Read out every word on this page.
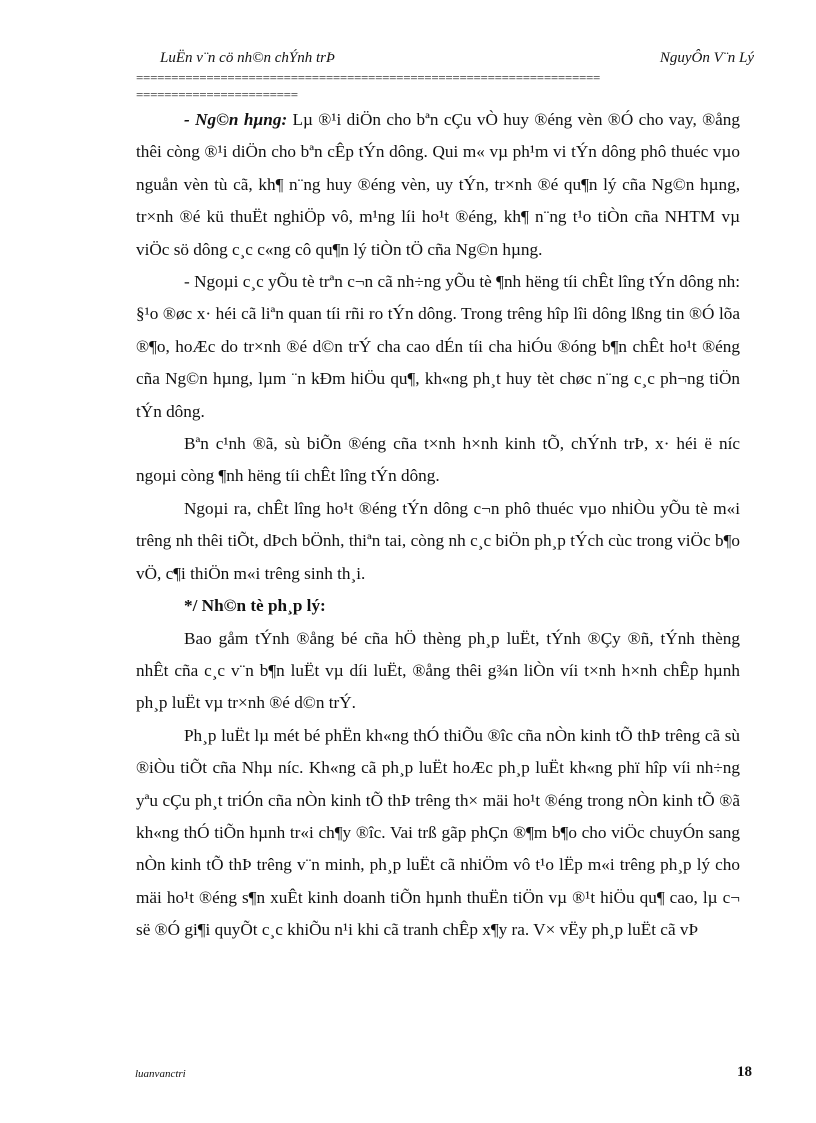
LuËn v¨n cö nh©n chÝnh trÞ	NguyÔn V¨n Lý
==================================================================
=======================

- Ng©n hµng: Lµ ®¹i diÖn cho bªn cÇu vÒ huy ®éng vèn ®Ó cho vay, ®ång thêi còng ®¹i diÖn cho bªn cÊp tÝn dông. Qui m« vµ ph¹m vi tÝn dông phô thuéc vµo nguån vèn tù cã, kh¶ n¨ng huy ®éng vèn, uy tÝn, tr×nh ®é qu¶n lý cña Ng©n hµng, tr×nh ®é kü thuËt nghiÖp vô, m¹ng líi ho¹t ®éng, kh¶ n¨ng t¹o tiÒn cña NHTM vµ viÖc sö dông c¸c c«ng cô qu¶n lý tiÒn tÖ cña Ng©n hµng.

- Ngoµi c¸c yÕu tè trªn c¬n cã nh÷ng yÕu tè ¶nh hëng tíi chÊt lîng tÝn dông nh: §¹o ®øc x· héi cã liªn quan tíi rñi ro tÝn dông. Trong trêng hîp lîi dông lßng tin ®Ó lõa ®¶o, hoÆc do tr×nh ®é d©n trÝ cha cao dÉn tíi cha hiÓu ®óng b¶n chÊt ho¹t ®éng cña Ng©n hµng, lµm ¨n kÐm hiÖu qu¶, kh«ng ph¸t huy tèt chøc n¨ng c¸c ph¬ng tiÖn tÝn dông.

Bªn c¹nh ®ã, sù biÕn ®éng cña t×nh h×nh kinh tÕ, chÝnh trÞ, x· héi ë níc ngoµi còng ¶nh hëng tíi chÊt lîng tÝn dông.

Ngoµi ra, chÊt lîng ho¹t ®éng tÝn dông c¬n phô thuéc vµo nhiÒu yÕu tè m«i trêng nh thêi tiÕt, dÞch bÖnh, thiªn tai, còng nh c¸c biÖn ph¸p tÝch cùc trong viÖc b¶o vÖ, c¶i thiÖn m«i trêng sinh th¸i.

*/ Nh©n tè ph¸p lý:

Bao gåm tÝnh ®ång bé cña hÖ thèng ph¸p luËt, tÝnh ®Çy ®ñ, tÝnh thèng nhÊt cña c¸c v¨n b¶n luËt vµ díi luËt, ®ång thêi g¾n liÒn víi t×nh h×nh chÊp hµnh ph¸p luËt vµ tr×nh ®é d©n trÝ.

Ph¸p luËt lµ mét bé phËn kh«ng thÓ thiÕu ®îc cña nÒn kinh tÕ thÞ trêng cã sù ®iÒu tiÕt cña Nhµ níc. Kh«ng cã ph¸p luËt hoÆc ph¸p luËt kh«ng phï hîp víi nh÷ng yªu cÇu ph¸t triÓn cña nÒn kinh tÕ thÞ trêng th× mäi ho¹t ®éng trong nÒn kinh tÕ ®ã kh«ng thÓ tiÕn hµnh tr«i ch¶y ®îc. Vai trß gãp phÇn ®¶m b¶o cho viÖc chuyÓn sang nÒn kinh tÕ thÞ trêng v¨n minh, ph¸p luËt cã nhiÖm vô t¹o lËp m«i trêng ph¸p lý cho mäi ho¹t ®éng s¶n xuÊt kinh doanh tiÕn hµnh thuËn tiÖn vµ ®¹t hiÖu qu¶ cao, lµ c¬ së ®Ó gi¶i quyÕt c¸c khiÕu n¹i khi cã tranh chÊp x¶y ra. V× vËy ph¸p luËt cã vÞ

luanvanctri	18
